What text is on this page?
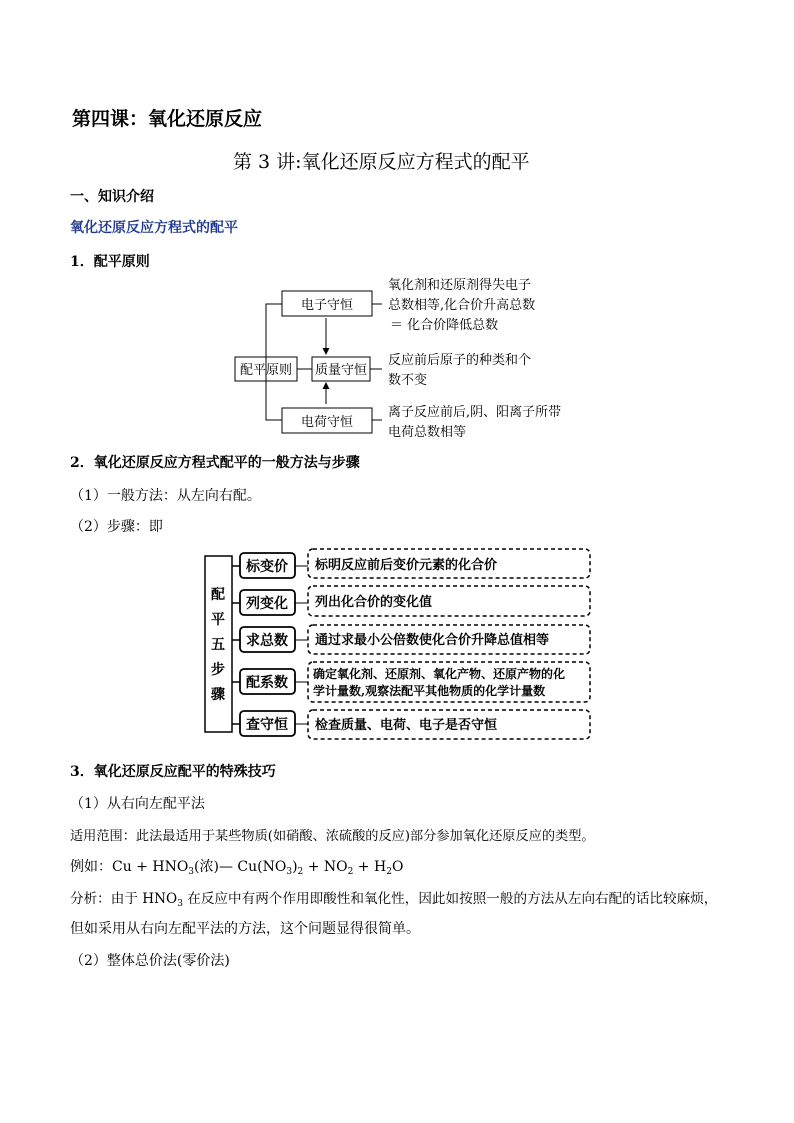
第四课：氧化还原反应
第 3 讲:氧化还原反应方程式的配平
一、知识介绍
氧化还原反应方程式的配平
1．配平原则
配平原则
电子守恒
质量守恒
电荷守恒
氧化剂和还原剂得失电子
总数相等,化合价升高总数
＝ 化合价降低总数
反应前后原子的种类和个
数不变
离子反应前后,阴、阳离子所带
电荷总数相等
2．氧化还原反应方程式配平的一般方法与步骤
（1）一般方法：从左向右配。
（2）步骤：即
配
平
五
步
骤
标变价
列变化
求总数
配系数
查守恒
标明反应前后变价元素的化合价
列出化合价的变化值
通过求最小公倍数使化合价升降总值相等
确定氧化剂、还原剂、氧化产物、还原产物的化
学计量数,观察法配平其他物质的化学计量数
检查质量、电荷、电子是否守恒
3．氧化还原反应配平的特殊技巧
（1）从右向左配平法
适用范围：此法最适用于某些物质(如硝酸、浓硫酸的反应)部分参加氧化还原反应的类型。
例如：$Cu + HNO_3$(浓)— $Cu(NO_3)_2 + NO_2 + H_2O$
分析：由于 $HNO_3$ 在反应中有两个作用即酸性和氧化性，因此如按照一般的方法从左向右配的话比较麻烦，
但如采用从右向左配平法的方法，这个问题显得很简单。
（2）整体总价法(零价法)
